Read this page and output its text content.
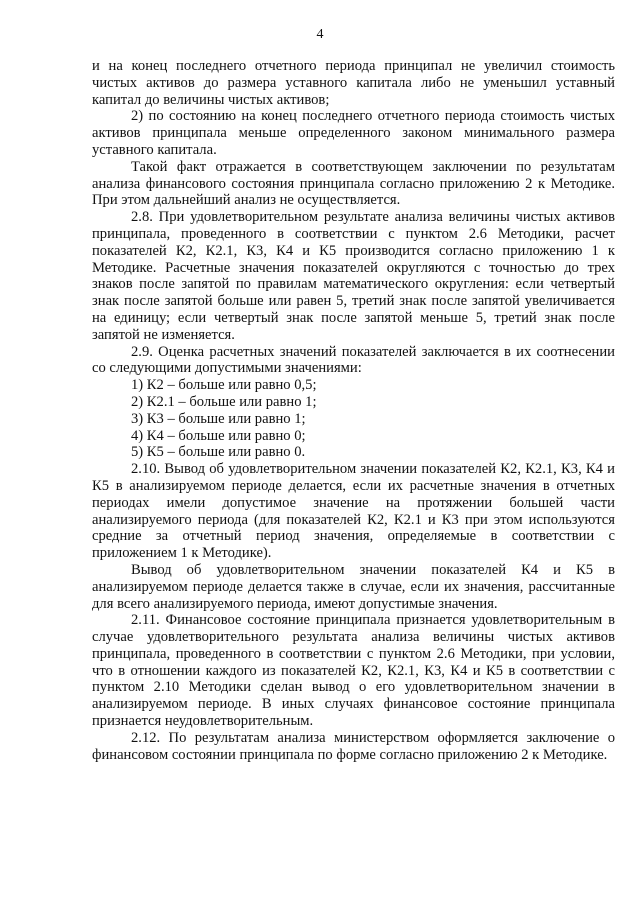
4

и на конец последнего отчетного периода принципал не увеличил стоимость чистых активов до размера уставного капитала либо не уменьшил уставный капитал до величины чистых активов;

2) по состоянию на конец последнего отчетного периода стоимость чистых активов принципала меньше определенного законом минимального размера уставного капитала.

Такой факт отражается в соответствующем заключении по результатам анализа финансового состояния принципала согласно приложению 2 к Методике. При этом дальнейший анализ не осуществляется.

2.8. При удовлетворительном результате анализа величины чистых активов принципала, проведенного в соответствии с пунктом 2.6 Методики, расчет показателей К2, К2.1, К3, К4 и К5 производится согласно приложению 1 к Методике. Расчетные значения показателей округляются с точностью до трех знаков после запятой по правилам математического округления: если четвертый знак после запятой больше или равен 5, третий знак после запятой увеличивается на единицу; если четвертый знак после запятой меньше 5, третий знак после запятой не изменяется.

2.9. Оценка расчетных значений показателей заключается в их соотнесении со следующими допустимыми значениями:

1) К2 – больше или равно 0,5;

2) К2.1 – больше или равно 1;

3) К3 – больше или равно 1;

4) К4 – больше или равно 0;

5) К5 – больше или равно 0.

2.10. Вывод об удовлетворительном значении показателей К2, К2.1, К3, К4 и К5 в анализируемом периоде делается, если их расчетные значения в отчетных периодах имели допустимое значение на протяжении большей части анализируемого периода (для показателей К2, К2.1 и К3 при этом используются средние за отчетный период значения, определяемые в соответствии с приложением 1 к Методике).

Вывод об удовлетворительном значении показателей К4 и К5 в анализируемом периоде делается также в случае, если их значения, рассчитанные для всего анализируемого периода, имеют допустимые значения.

2.11. Финансовое состояние принципала признается удовлетворительным в случае удовлетворительного результата анализа величины чистых активов принципала, проведенного в соответствии с пунктом 2.6 Методики, при условии, что в отношении каждого из показателей К2, К2.1, К3, К4 и К5 в соответствии с пунктом 2.10 Методики сделан вывод о его удовлетворительном значении в анализируемом периоде. В иных случаях финансовое состояние принципала признается неудовлетворительным.

2.12. По результатам анализа министерством оформляется заключение о финансовом состоянии принципала по форме согласно приложению 2 к Методике.
